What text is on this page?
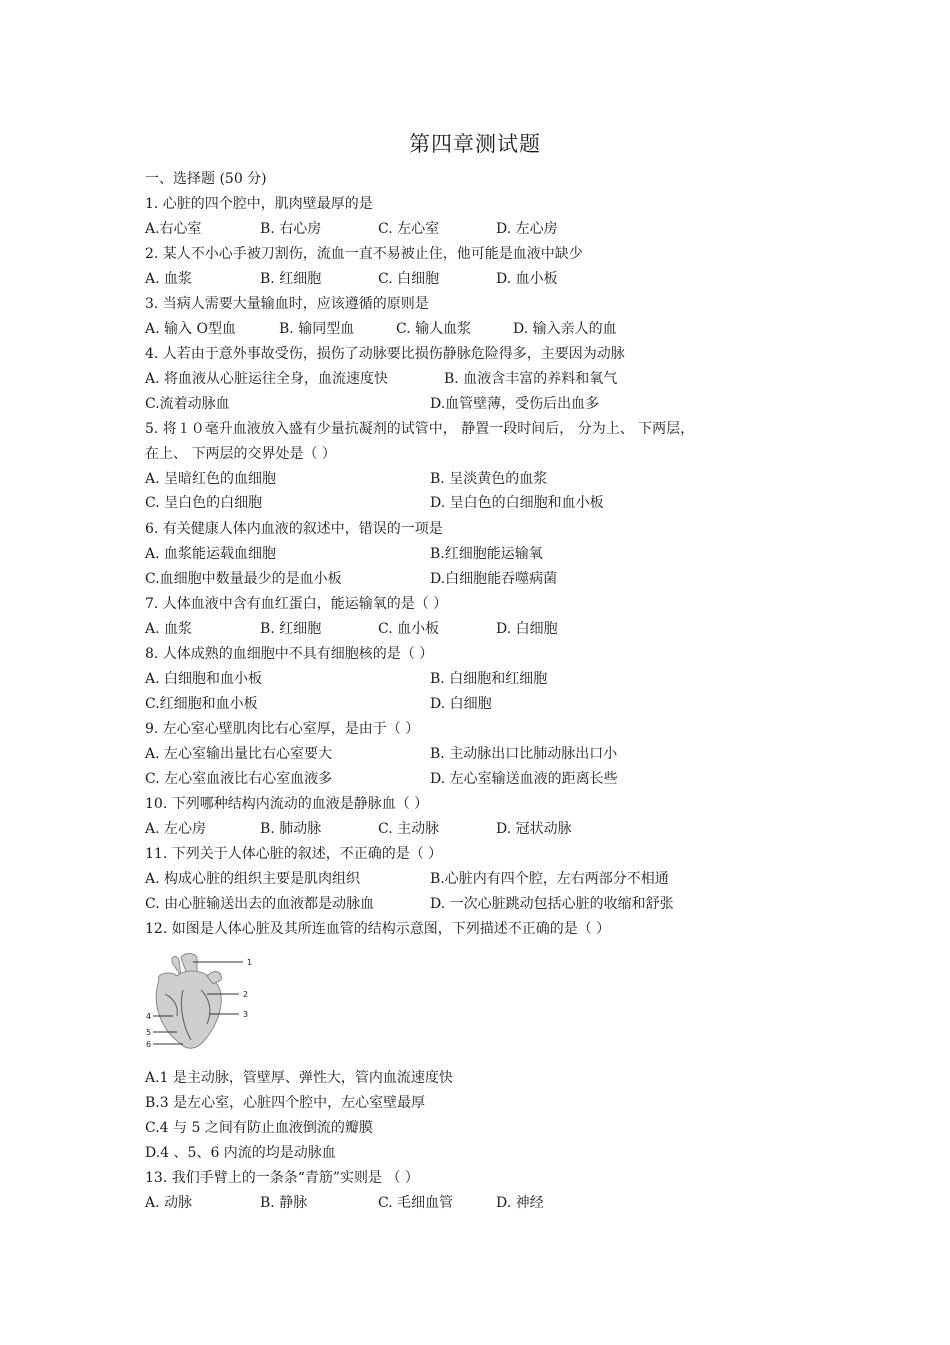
第四章测试题
一、选择题 (50 分)
1. 心脏的四个腔中，肌肉壁最厚的是
A.右心室	B. 右心房	C. 左心室	D. 左心房
2. 某人不小心手被刀割伤，流血一直不易被止住，他可能是血液中缺少
A. 血浆	B. 红细胞	C. 白细胞	D. 血小板
3. 当病人需要大量输血时，应该遵循的原则是
A. 输入 O型血	B. 输同型血	C. 输人血浆	D. 输入亲人的血
4. 人若由于意外事故受伤，损伤了动脉要比损伤静脉危险得多，主要因为动脉
A. 将血液从心脏运往全身，血流速度快	B. 血液含丰富的养料和氧气
C.流着动脉血	D.血管壁薄，受伤后出血多
5. 将１０毫升血液放入盛有少量抗凝剂的试管中， 静置一段时间后， 分为上、 下两层，
在上、 下两层的交界处是（ ）
A. 呈暗红色的血细胞	B. 呈淡黄色的血浆
C. 呈白色的白细胞	D. 呈白色的白细胞和血小板
6. 有关健康人体内血液的叙述中，错误的一项是
A. 血浆能运载血细胞	B.红细胞能运输氧
C.血细胞中数量最少的是血小板	D.白细胞能吞噬病菌
7. 人体血液中含有血红蛋白，能运输氧的是（ ）
A. 血浆	B. 红细胞	C. 血小板	D. 白细胞
8. 人体成熟的血细胞中不具有细胞核的是（ ）
A. 白细胞和血小板	B. 白细胞和红细胞
C.红细胞和血小板	D. 白细胞
9. 左心室心壁肌肉比右心室厚，是由于（ ）
A. 左心室输出量比右心室要大	B. 主动脉出口比肺动脉出口小
C. 左心室血液比右心室血液多	D. 左心室输送血液的距离长些
10. 下列哪种结构内流动的血液是静脉血（ ）
A. 左心房	B. 肺动脉	C. 主动脉	D. 冠状动脉
11. 下列关于人体心脏的叙述，不正确的是（ ）
A. 构成心脏的组织主要是肌肉组织	B.心脏内有四个腔，左右两部分不相通
C. 由心脏输送出去的血液都是动脉血	D. 一次心脏跳动包括心脏的收缩和舒张
12. 如图是人体心脏及其所连血管的结构示意图，下列描述不正确的是（ ）
1
2
3
4
5
6
A.1 是主动脉，管壁厚、弹性大，管内血流速度快
B.3 是左心室，心脏四个腔中，左心室壁最厚
C.4 与 5 之间有防止血液倒流的瓣膜
D.4 、5、6 内流的均是动脉血
13. 我们手臂上的一条条“青筋”实则是 （ ）
A. 动脉	B. 静脉	C. 毛细血管	D. 神经
